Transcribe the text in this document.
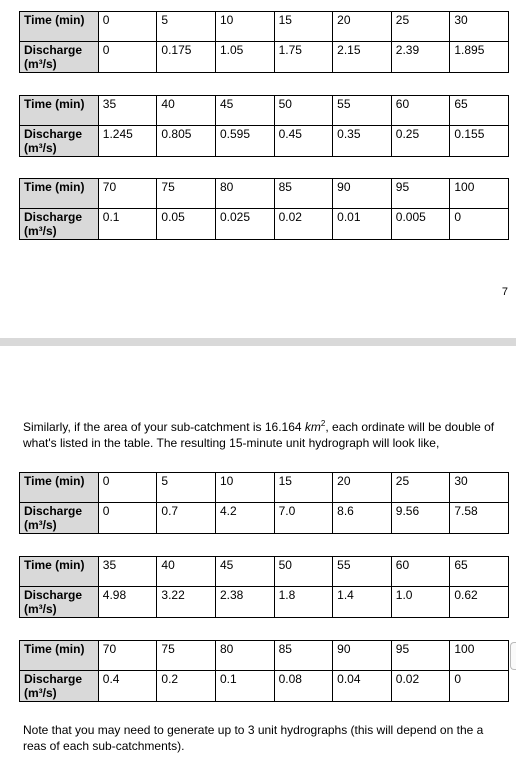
Time (min)	0	5	10	15	20	25	30
Discharge (m³/s)	0	0.175	1.05	1.75	2.15	2.39	1.895
Time (min)	35	40	45	50	55	60	65
Discharge (m³/s)	1.245	0.805	0.595	0.45	0.35	0.25	0.155
Time (min)	70	75	80	85	90	95	100
Discharge (m³/s)	0.1	0.05	0.025	0.02	0.01	0.005	0
7
Similarly, if the area of your sub-catchment is 16.164 $km^2$, each ordinate will be double of what's listed in the table. The resulting 15-minute unit hydrograph will look like,
Time (min)	0	5	10	15	20	25	30
Discharge (m³/s)	0	0.7	4.2	7.0	8.6	9.56	7.58
Time (min)	35	40	45	50	55	60	65
Discharge (m³/s)	4.98	3.22	2.38	1.8	1.4	1.0	0.62
Time (min)	70	75	80	85	90	95	100
Discharge (m³/s)	0.4	0.2	0.1	0.08	0.04	0.02	0
Note that you may need to generate up to 3 unit hydrographs (this will depend on the a reas of each sub-catchments).
